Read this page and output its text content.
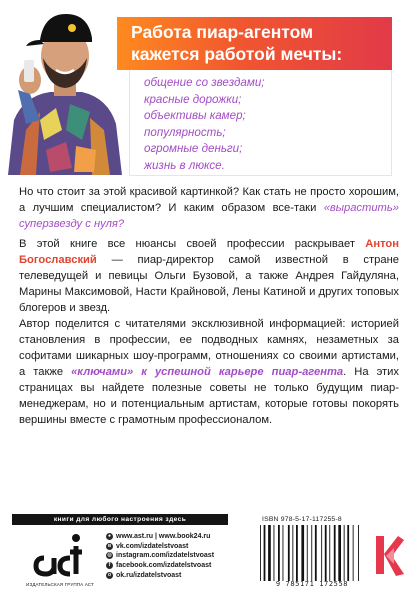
Работа пиар-агентом
кажется работой мечты:
общение со звездами;
красные дорожки;
объективы камер;
популярность;
огромные деньги;
жизнь в люксе.
Но что стоит за этой красивой картинкой? Как стать не просто хорошим, а лучшим специалистом? И каким образом все-таки «вырастить» суперзвезду с нуля?
В этой книге все нюансы своей профессии раскрывает Антон Богославский — пиар-директор самой известной в стране телеведущей и певицы Ольги Бузовой, а также Андрея Гайдуляна, Марины Максимовой, Насти Крайновой, Лены Катиной и других топовых блогеров и звезд.
Автор поделится с читателями эксклюзивной информацией: историей становления в профессии, ее подводных камнях, незаметных за софитами шикарных шоу-программ, отношениях со своими артистами, а также «ключами» к успешной карьере пиар-агента. На этих страницах вы найдете полезные советы не только будущим пиар-менеджерам, но и потенциальным артистам, которые готовы покорять вершины вместе с грамотным профессионалом.
книги для любого настроения здесь
ИЗДАТЕЛЬСКАЯ ГРУППА АСТ
● www.ast.ru | www.book24.ru
в vk.com/izdatelstvoast
◎ instagram.com/izdatelstvoast
f facebook.com/izdatelstvoast
о ok.ru/izdatelstvoast
ISBN 978-5-17-117255-8
9 785171 172558
